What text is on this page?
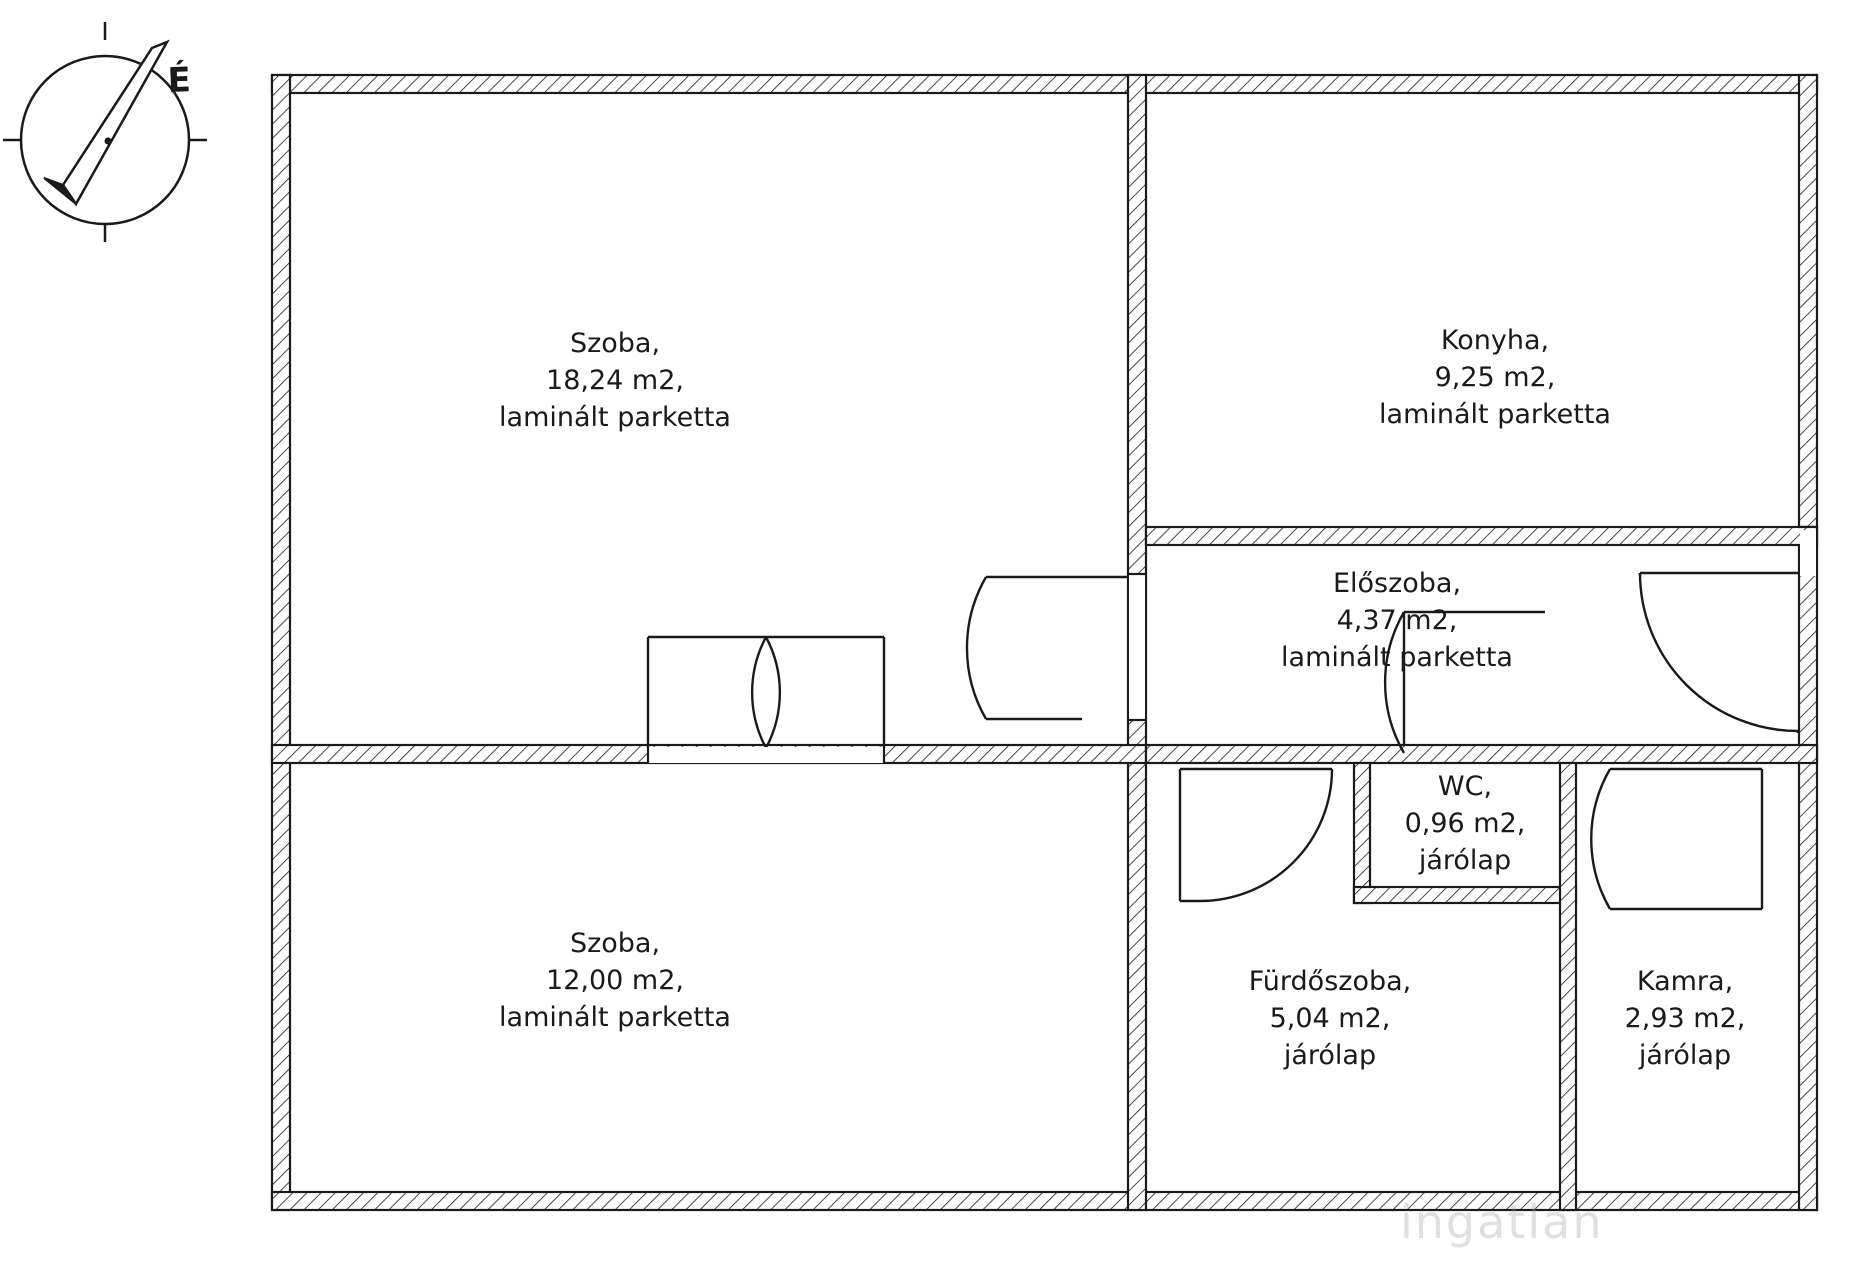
É
Szoba,
18,24 m2,
laminált parketta
Konyha,
9,25 m2,
laminált parketta
Előszoba,
4,37 m2,
laminált parketta
WC,
0,96 m2,
járólap
Szoba,
12,00 m2,
laminált parketta
Fürdőszoba,
5,04 m2,
járólap
Kamra,
2,93 m2,
járólap
ingatlan
